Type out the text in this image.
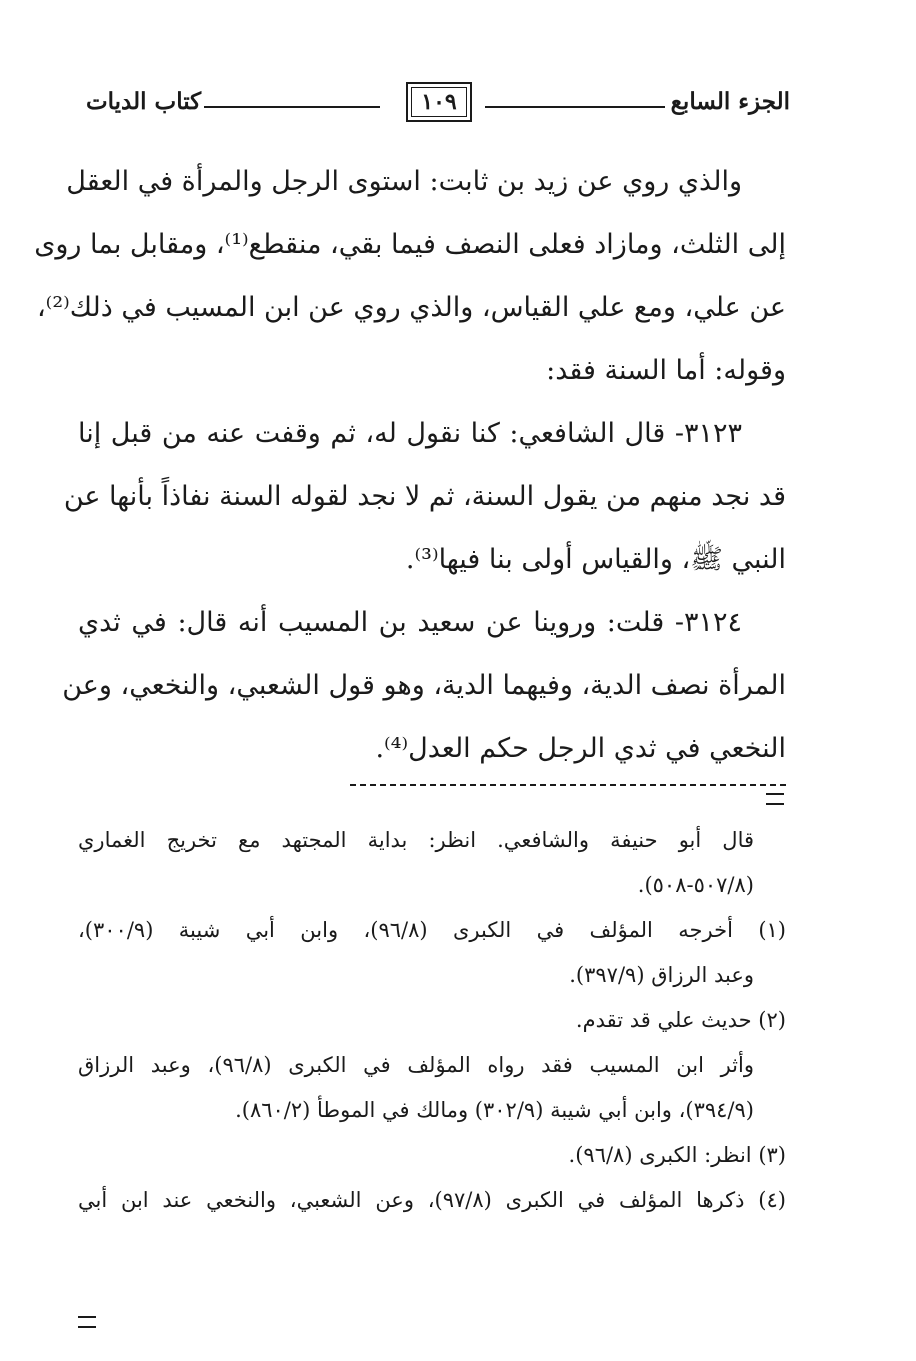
الجزء السابع
١٠٩
كتاب الديات
والذي روي عن زيد بن ثابت: استوى الرجل والمرأة في العقل
إلى الثلث، ومازاد فعلى النصف فيما بقي، منقطع⁽¹⁾، ومقابل بما روى
عن علي، ومع علي القياس، والذي روي عن ابن المسيب في ذلك⁽²⁾،
وقوله: أما السنة فقد:
٣١٢٣- قال الشافعي: كنا نقول له، ثم وقفت عنه من قبل إنا
قد نجد منهم من يقول السنة، ثم لا نجد لقوله السنة نفاذاً بأنها عن
النبي ﷺ، والقياس أولى بنا فيها⁽³⁾.
٣١٢٤- قلت: وروينا عن سعيد بن المسيب أنه قال: في ثدي
المرأة نصف الدية، وفيهما الدية، وهو قول الشعبي، والنخعي، وعن
النخعي في ثدي الرجل حكم العدل⁽⁴⁾.
قال أبو حنيفة والشافعي. انظر: بداية المجتهد مع تخريج الغماري
(٥٠٧/٨-٥٠٨).
(١) أخرجه المؤلف في الكبرى (٩٦/٨)، وابن أبي شيبة (٣٠٠/٩)،
وعبد الرزاق (٣٩٧/٩).
(٢) حديث علي قد تقدم.
وأثر ابن المسيب فقد رواه المؤلف في الكبرى (٩٦/٨)، وعبد الرزاق
(٣٩٤/٩)، وابن أبي شيبة (٣٠٢/٩) ومالك في الموطأ (٨٦٠/٢).
(٣) انظر: الكبرى (٩٦/٨).
(٤) ذكرها المؤلف في الكبرى (٩٧/٨)، وعن الشعبي، والنخعي عند ابن أبي
